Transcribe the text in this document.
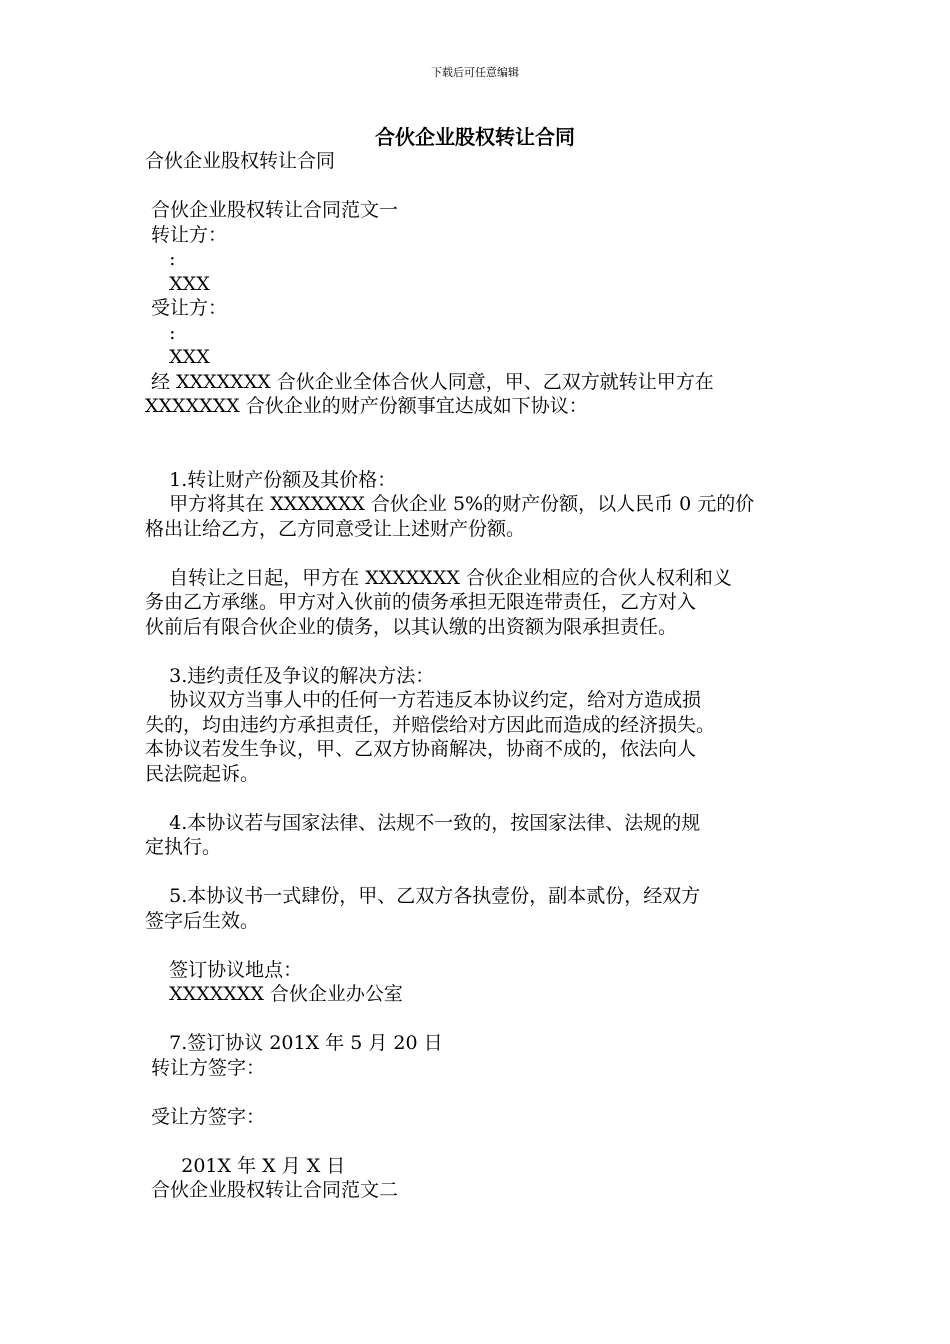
下载后可任意编辑
合伙企业股权转让合同

合伙企业股权转让合同

合伙企业股权转让合同范文一

转让方：

:

XXX

受让方：

:

XXX

经 XXXXXXX 合伙企业全体合伙人同意，甲、乙双方就转让甲方在

XXXXXXX 合伙企业的财产份额事宜达成如下协议：

1.转让财产份额及其价格：

甲方将其在 XXXXXXX 合伙企业 5%的财产份额，以人民币 0 元的价

格出让给乙方，乙方同意受让上述财产份额。

自转让之日起，甲方在 XXXXXXX 合伙企业相应的合伙人权利和义

务由乙方承继。甲方对入伙前的债务承担无限连带责任，乙方对入

伙前后有限合伙企业的债务，以其认缴的出资额为限承担责任。

3.违约责任及争议的解决方法：

协议双方当事人中的任何一方若违反本协议约定，给对方造成损

失的，均由违约方承担责任，并赔偿给对方因此而造成的经济损失。

本协议若发生争议，甲、乙双方协商解决，协商不成的，依法向人

民法院起诉。

4.本协议若与国家法律、法规不一致的，按国家法律、法规的规

定执行。

5.本协议书一式肆份，甲、乙双方各执壹份，副本贰份，经双方

签字后生效。

签订协议地点：

XXXXXXX 合伙企业办公室

7.签订协议 201X 年 5 月 20 日

转让方签字：

受让方签字：

201X 年 X 月 X 日

合伙企业股权转让合同范文二
